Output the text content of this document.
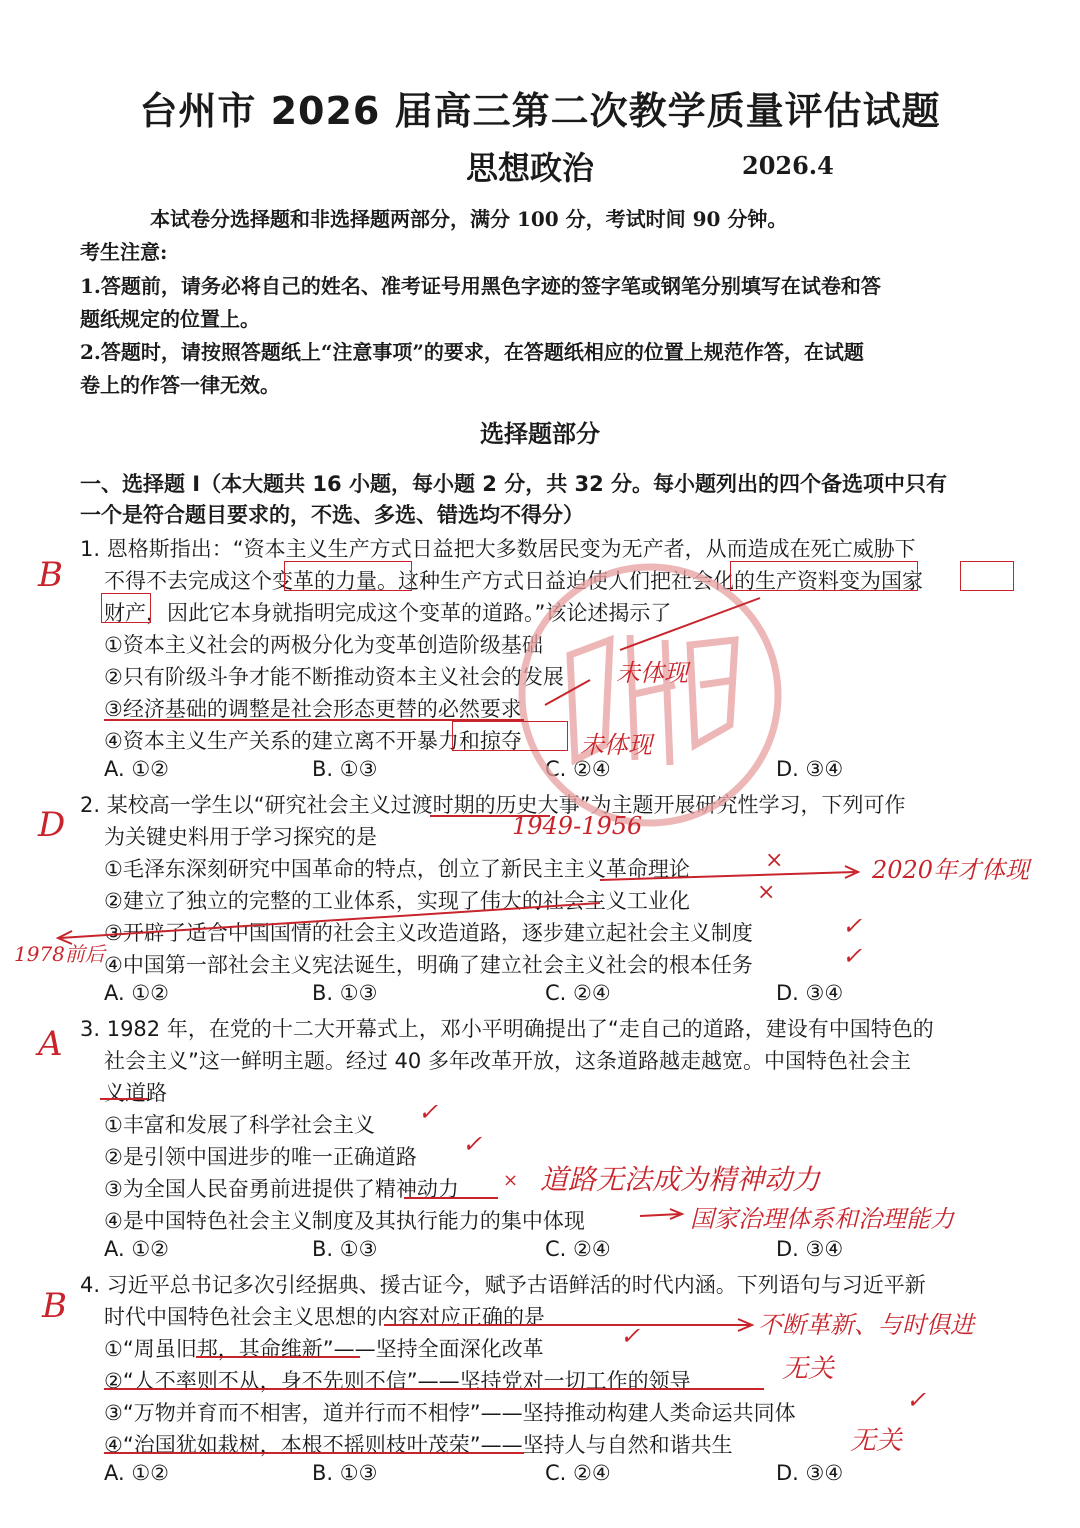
台州市 2026 届高三第二次教学质量评估试题
思想政治	2026.4
本试卷分选择题和非选择题两部分，满分 100 分，考试时间 90 分钟。
考生注意:
1.答题前，请务必将自己的姓名、准考证号用黑色字迹的签字笔或钢笔分别填写在试卷和答
题纸规定的位置上。
2.答题时，请按照答题纸上“注意事项”的要求，在答题纸相应的位置上规范作答，在试题
卷上的作答一律无效。
选择题部分
一、选择题 I（本大题共 16 小题，每小题 2 分，共 32 分。每小题列出的四个备选项中只有
一个是符合题目要求的，不选、多选、错选均不得分）
1. 恩格斯指出：“资本主义生产方式日益把大多数居民变为无产者，从而造成在死亡威胁下
不得不去完成这个变革的力量。这种生产方式日益迫使人们把社会化的生产资料变为国家
财产，因此它本身就指明完成这个变革的道路。”该论述揭示了
①资本主义社会的两极分化为变革创造阶级基础
②只有阶级斗争才能不断推动资本主义社会的发展
③经济基础的调整是社会形态更替的必然要求
④资本主义生产关系的建立离不开暴力和掠夺
A. ①②	B. ①③	C. ②④	D. ③④
2. 某校高一学生以“研究社会主义过渡时期的历史大事”为主题开展研究性学习，下列可作
为关键史料用于学习探究的是
①毛泽东深刻研究中国革命的特点，创立了新民主主义革命理论
②建立了独立的完整的工业体系，实现了伟大的社会主义工业化
③开辟了适合中国国情的社会主义改造道路，逐步建立起社会主义制度
④中国第一部社会主义宪法诞生，明确了建立社会主义社会的根本任务
A. ①②	B. ①③	C. ②④	D. ③④
3. 1982 年，在党的十二大开幕式上，邓小平明确提出了“走自己的道路，建设有中国特色的
社会主义”这一鲜明主题。经过 40 多年改革开放，这条道路越走越宽。中国特色社会主
义道路
①丰富和发展了科学社会主义
②是引领中国进步的唯一正确道路
③为全国人民奋勇前进提供了精神动力
④是中国特色社会主义制度及其执行能力的集中体现
A. ①②	B. ①③	C. ②④	D. ③④
4. 习近平总书记多次引经据典、援古证今，赋予古语鲜活的时代内涵。下列语句与习近平新
时代中国特色社会主义思想的内容对应正确的是
①“周虽旧邦，其命维新”——坚持全面深化改革
②“人不率则不从，身不先则不信”——坚持党对一切工作的领导
③“万物并育而不相害，道并行而不相悖”——坚持推动构建人类命运共同体
④“治国犹如栽树，本根不摇则枝叶茂荣”——坚持人与自然和谐共生
A. ①②	B. ①③	C. ②④	D. ③④
B
D
A
B
未体现
未体现
1949-1956
2020年才体现
1978前后
道路无法成为精神动力
国家治理体系和治理能力
不断革新、与时俱进
无关
无关
×
×
✓
✓
✓
✓
×
✓
✓
